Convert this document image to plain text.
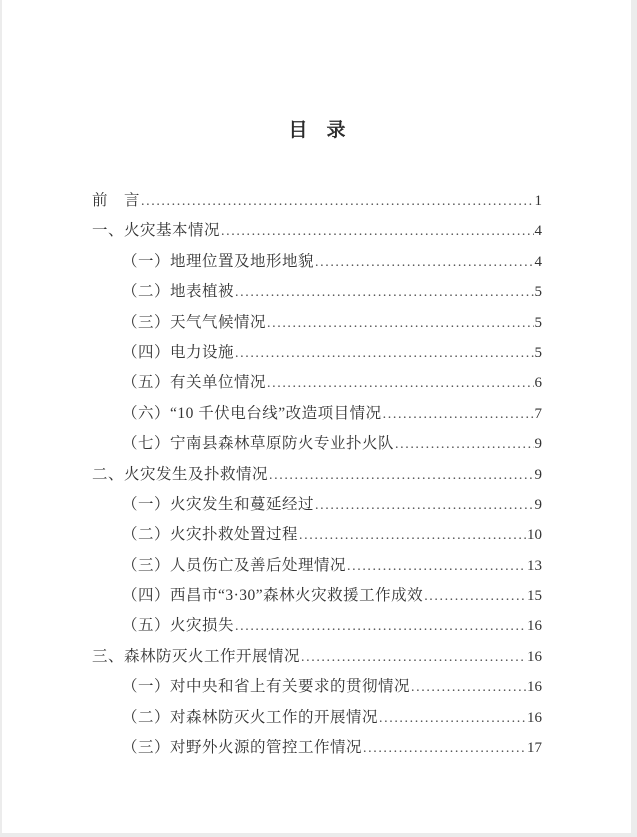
目　录
前　言 .....	1
一、火灾基本情况 .....	4
（一）地理位置及地形地貌 .....	4
（二）地表植被 .....	5
（三）天气气候情况 .....	5
（四）电力设施 .....	5
（五）有关单位情况 .....	6
（六）“10 千伏电台线”改造项目情况 .....	7
（七）宁南县森林草原防火专业扑火队 .....	9
二、火灾发生及扑救情况 .....	9
（一）火灾发生和蔓延经过 .....	9
（二）火灾扑救处置过程 .....	10
（三）人员伤亡及善后处理情况 .....	13
（四）西昌市“3·30”森林火灾救援工作成效 .....	15
（五）火灾损失 .....	16
三、森林防灭火工作开展情况 .....	16
（一）对中央和省上有关要求的贯彻情况 .....	16
（二）对森林防灭火工作的开展情况 .....	16
（三）对野外火源的管控工作情况 .....	17
